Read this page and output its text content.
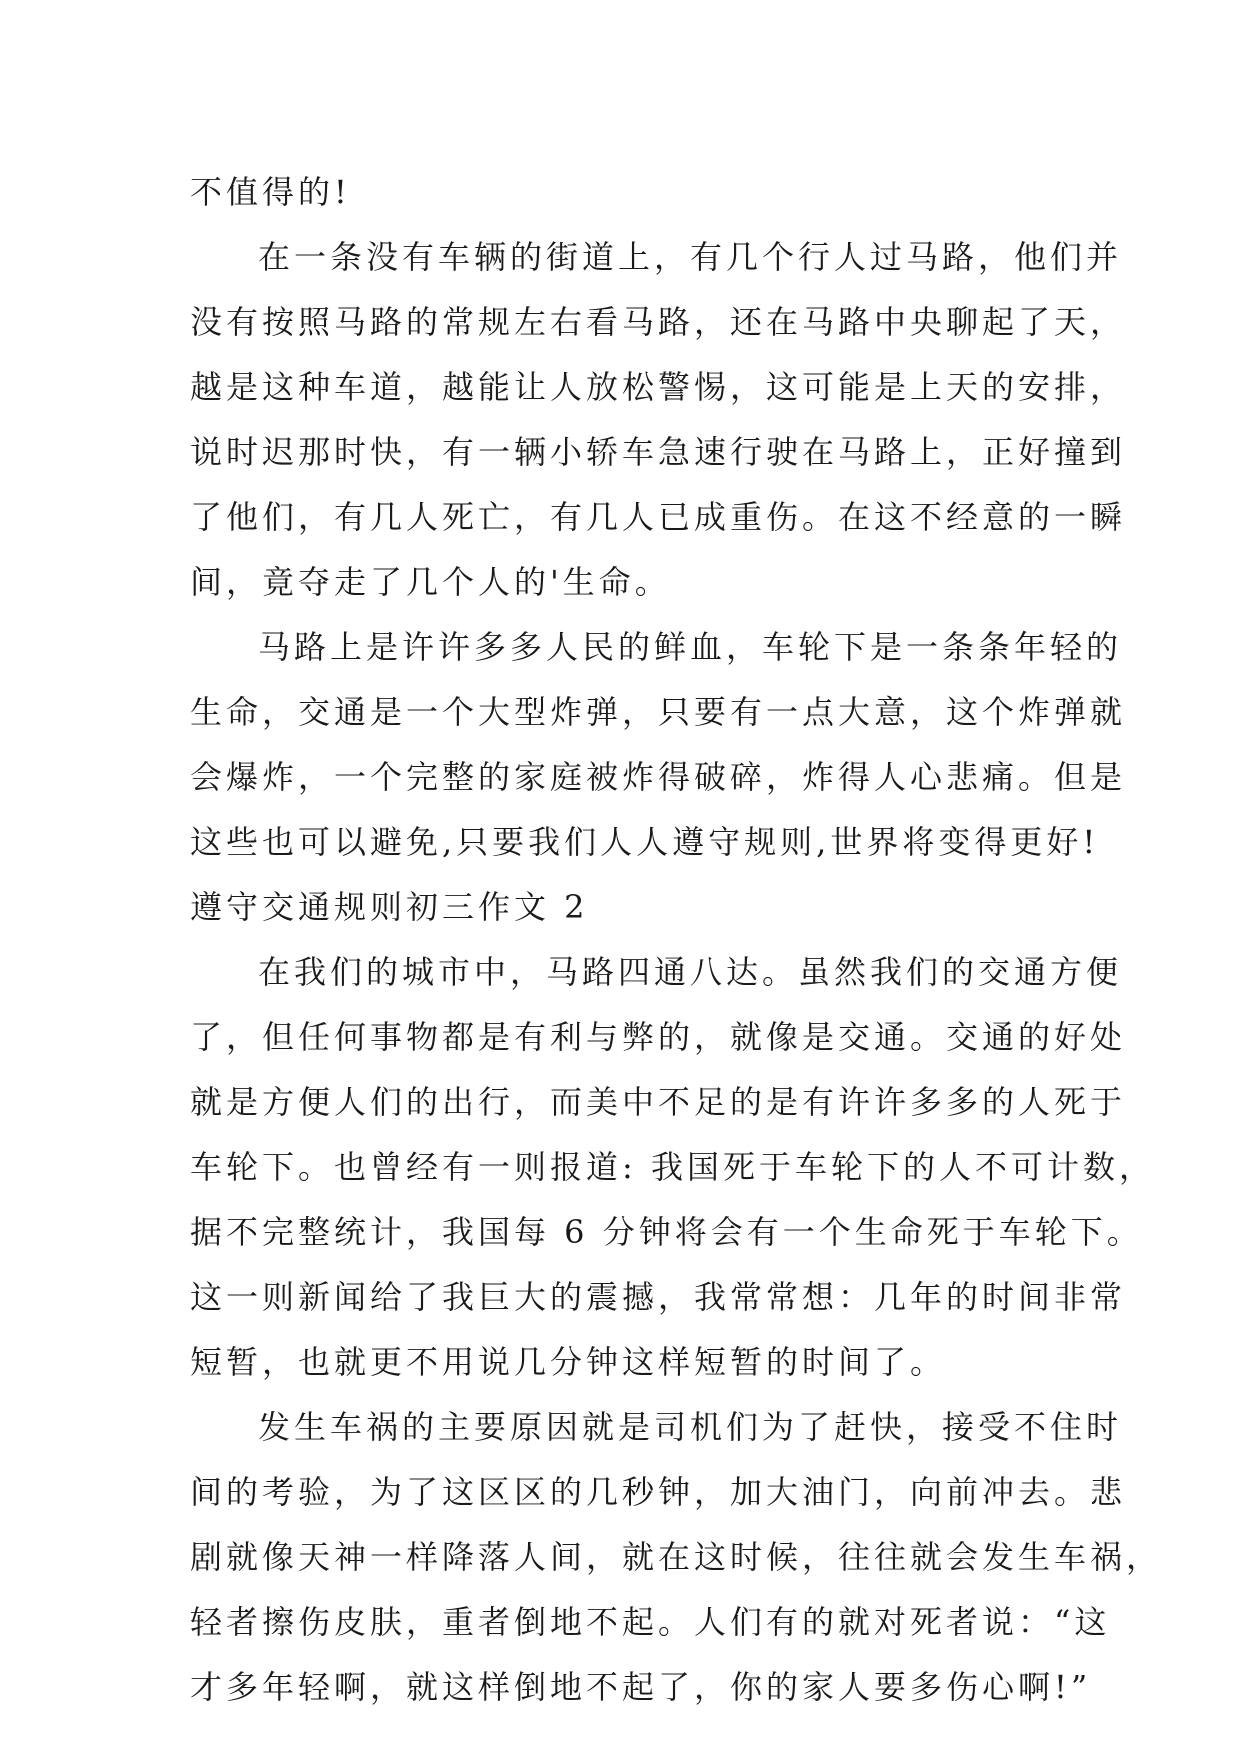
不值得的!
在一条没有车辆的街道上，有几个行人过马路，他们并
没有按照马路的常规左右看马路，还在马路中央聊起了天，
越是这种车道，越能让人放松警惕，这可能是上天的安排，
说时迟那时快，有一辆小轿车急速行驶在马路上，正好撞到
了他们，有几人死亡，有几人已成重伤。在这不经意的一瞬
间，竟夺走了几个人的'生命。
马路上是许许多多人民的鲜血，车轮下是一条条年轻的
生命，交通是一个大型炸弹，只要有一点大意，这个炸弹就
会爆炸，一个完整的家庭被炸得破碎，炸得人心悲痛。但是
这些也可以避免,只要我们人人遵守规则,世界将变得更好!
遵守交通规则初三作文 2
在我们的城市中，马路四通八达。虽然我们的交通方便
了，但任何事物都是有利与弊的，就像是交通。交通的好处
就是方便人们的出行，而美中不足的是有许许多多的人死于
车轮下。也曾经有一则报道: 我国死于车轮下的人不可计数，
据不完整统计，我国每 6 分钟将会有一个生命死于车轮下。
这一则新闻给了我巨大的震撼，我常常想：几年的时间非常
短暂，也就更不用说几分钟这样短暂的时间了。
发生车祸的主要原因就是司机们为了赶快，接受不住时
间的考验，为了这区区的几秒钟，加大油门，向前冲去。悲
剧就像天神一样降落人间，就在这时候，往往就会发生车祸，
轻者擦伤皮肤，重者倒地不起。人们有的就对死者说：“这
才多年轻啊，就这样倒地不起了，你的家人要多伤心啊!”
